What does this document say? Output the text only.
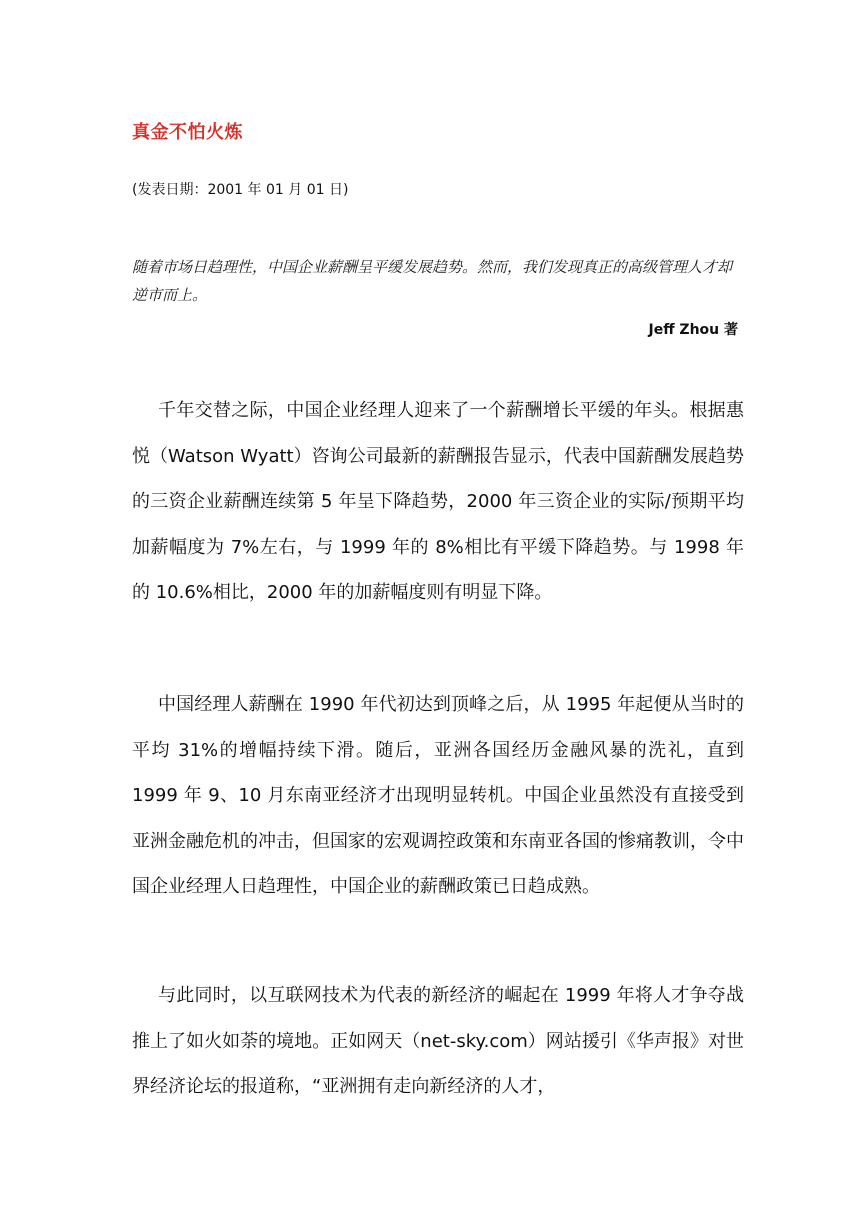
真金不怕火炼
(发表日期：2001 年 01 月 01 日)
随着市场日趋理性，中国企业薪酬呈平缓发展趋势。然而，我们发现真正的高级管理人才却逆市而上。
Jeff Zhou 著

千年交替之际，中国企业经理人迎来了一个薪酬增长平缓的年头。根据惠悦（Watson Wyatt）咨询公司最新的薪酬报告显示，代表中国薪酬发展趋势的三资企业薪酬连续第 5 年呈下降趋势，2000 年三资企业的实际/预期平均加薪幅度为 7%左右，与 1999 年的 8%相比有平缓下降趋势。与 1998 年的 10.6%相比，2000 年的加薪幅度则有明显下降。

中国经理人薪酬在 1990 年代初达到顶峰之后，从 1995 年起便从当时的平均 31%的增幅持续下滑。随后，亚洲各国经历金融风暴的洗礼，直到 1999 年 9、10 月东南亚经济才出现明显转机。中国企业虽然没有直接受到亚洲金融危机的冲击，但国家的宏观调控政策和东南亚各国的惨痛教训，令中国企业经理人日趋理性，中国企业的薪酬政策已日趋成熟。

与此同时，以互联网技术为代表的新经济的崛起在 1999 年将人才争夺战推上了如火如荼的境地。正如网天（net-sky.com）网站援引《华声报》对世界经济论坛的报道称，“亚洲拥有走向新经济的人才，
